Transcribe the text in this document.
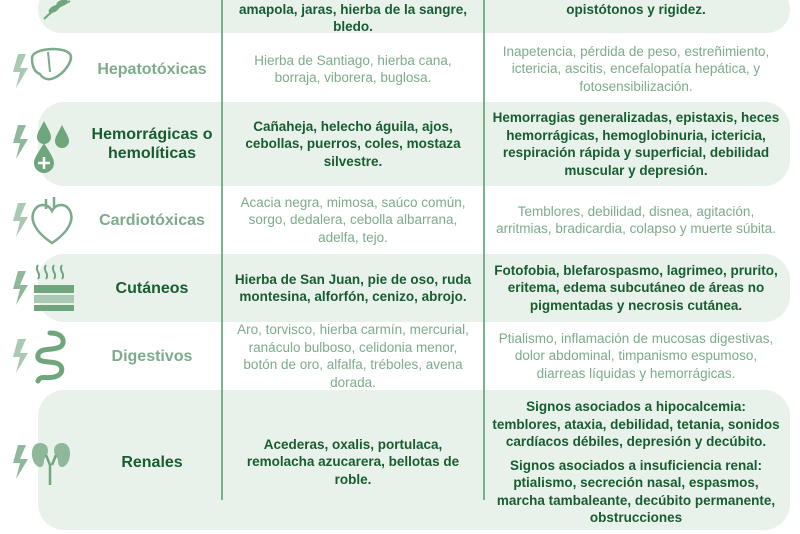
amapola, jaras, hierba de la sangre, bledo.
opistótonos y rigidez.
Hepatotóxicas
Hierba de Santiago, hierba cana, borraja, viborera, buglosa.
Inapetencia, pérdida de peso, estreñimiento, ictericia, ascitis, encefalopatía hepática, y fotosensibilización.
Hemorrágicas o hemolíticas
Cañaheja, helecho águila, ajos, cebollas, puerros, coles, mostaza silvestre.
Hemorragias generalizadas, epistaxis, heces hemorrágicas, hemoglobinuria, ictericia, respiración rápida y superficial, debilidad muscular y depresión.
Cardiotóxicas
Acacia negra, mimosa, saúco común, sorgo, dedalera, cebolla albarrana, adelfa, tejo.
Temblores, debilidad, disnea, agitación, arritmias, bradicardia, colapso y muerte súbita.
Cutáneos
Hierba de San Juan, pie de oso, ruda montesina, alforfón, cenizo, abrojo.
Fotofobia, blefarospasmo, lagrimeo, prurito, eritema, edema subcutáneo de áreas no pigmentadas y necrosis cutánea.
Digestivos
Aro, torvisco, hierba carmín, mercurial, ranáculo bulboso, celidonia menor, botón de oro, alfalfa, tréboles, avena dorada.
Ptialismo, inflamación de mucosas digestivas, dolor abdominal, timpanismo espumoso, diarreas líquidas y hemorrágicas.
Renales
Acederas, oxalis, portulaca, remolacha azucarera, bellotas de roble.
Signos asociados a hipocalcemia: temblores, ataxia, debilidad, tetania, sonidos cardíacos débiles, depresión y decúbito.
Signos asociados a insuficiencia renal: ptialismo, secreción nasal, espasmos, marcha tambaleante, decúbito permanente, obstrucciones
